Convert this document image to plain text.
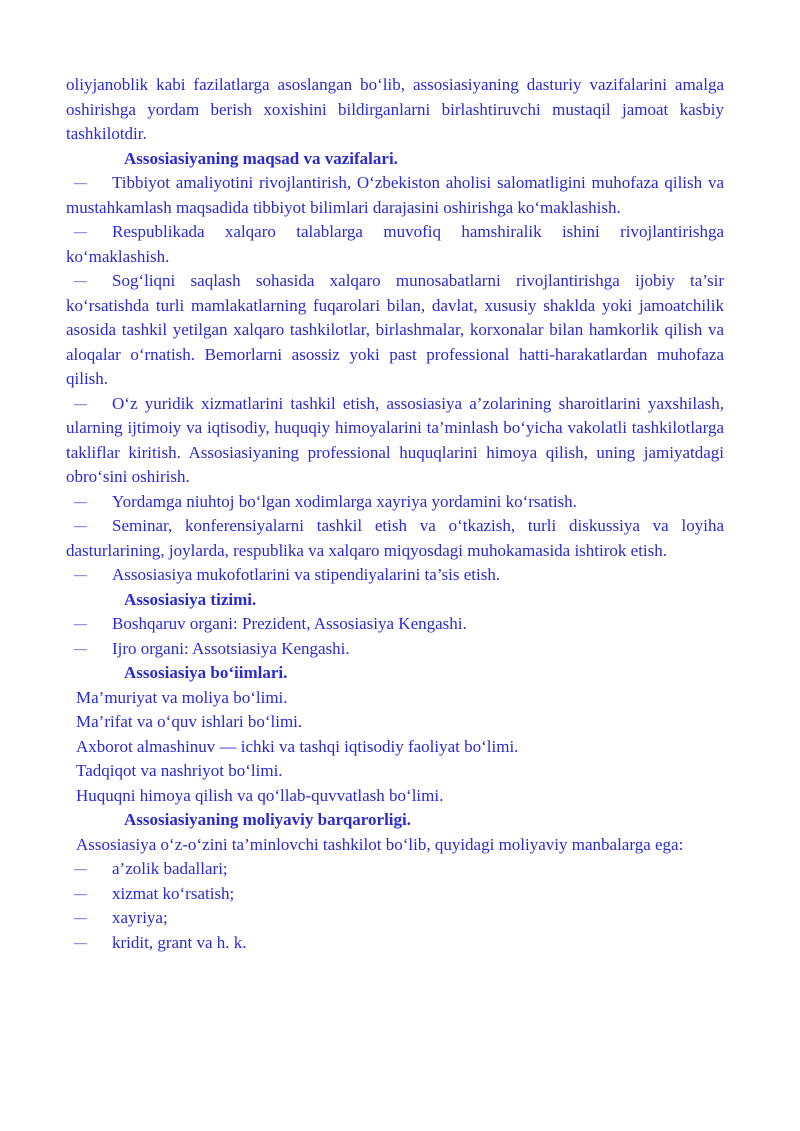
oliyjanoblik kabi fazilatlarga asoslangan bo‘lib, assosiasiyaning dasturiy vazifalarini amalga oshirishga yordam berish xoxishini bildirganlarni birlashtiruvchi mustaqil jamoat kasbiy tashkilotdir.

Assosiasiyaning maqsad va vazifalari.

—	Tibbiyot amaliyotini rivojlantirish, O‘zbekiston aholisi salomatligini muhofaza qilish va mustahkamlash maqsadida tibbiyot bilimlari darajasini oshirishga ko‘maklashish.

—	Respublikada xalqaro talablarga muvofiq hamshiralik ishini rivojlantirishga ko‘maklashish.

—	Sog‘liqni saqlash sohasida xalqaro munosabatlarni rivojlantirishga ijobiy ta’sir ko‘rsatishda turli mamlakatlarning fuqarolari bilan, davlat, xususiy shaklda yoki jamoatchilik asosida tashkil yetilgan xalqaro tashkilotlar, birlashmalar, korxonalar bilan hamkorlik qilish va aloqalar o‘rnatish. Bemorlarni asossiz yoki past professional hatti-harakatlardan muhofaza qilish.

—	O‘z yuridik xizmatlarini tashkil etish, assosiasiya a’zolarining sharoitlarini yaxshilash, ularning ijtimoiy va iqtisodiy, huquqiy himoyalarini ta’minlash bo‘yicha vakolatli tashkilotlarga takliflar kiritish. Assosiasiyaning professional huquqlarini himoya qilish, uning jamiyatdagi obro‘sini oshirish.

—	Yordamga niuhtoj bo‘lgan xodimlarga xayriya yordamini ko‘rsatish.

—	Seminar, konferensiyalarni tashkil etish va o‘tkazish, turli diskussiya va loyiha dasturlarining, joylarda, respublika va xalqaro miqyosdagi muhokamasida ishtirok etish.

—	Assosiasiya mukofotlarini va stipendiyalarini ta’sis etish.

Assosiasiya tizimi.

—	Boshqaruv organi: Prezident, Assosiasiya Kengashi.

—	Ijro organi: Assotsiasiya Kengashi.

Assosiasiya bo‘iimlari.

Ma’muriyat va moliya bo‘limi.

Ma’rifat va o‘quv ishlari bo‘limi.

Axborot almashinuv — ichki va tashqi iqtisodiy faoliyat bo‘limi.

Tadqiqot va nashriyot bo‘limi.

Huquqni himoya qilish va qo‘llab-quvvatlash bo‘limi.

Assosiasiyaning moliyaviy barqarorligi.

Assosiasiya o‘z-o‘zini ta’minlovchi tashkilot bo‘lib, quyidagi moliyaviy manbalarga ega:

—	a’zolik badallari;

—	xizmat ko‘rsatish;

—	xayriya;

—	kridit, grant va h. k.
